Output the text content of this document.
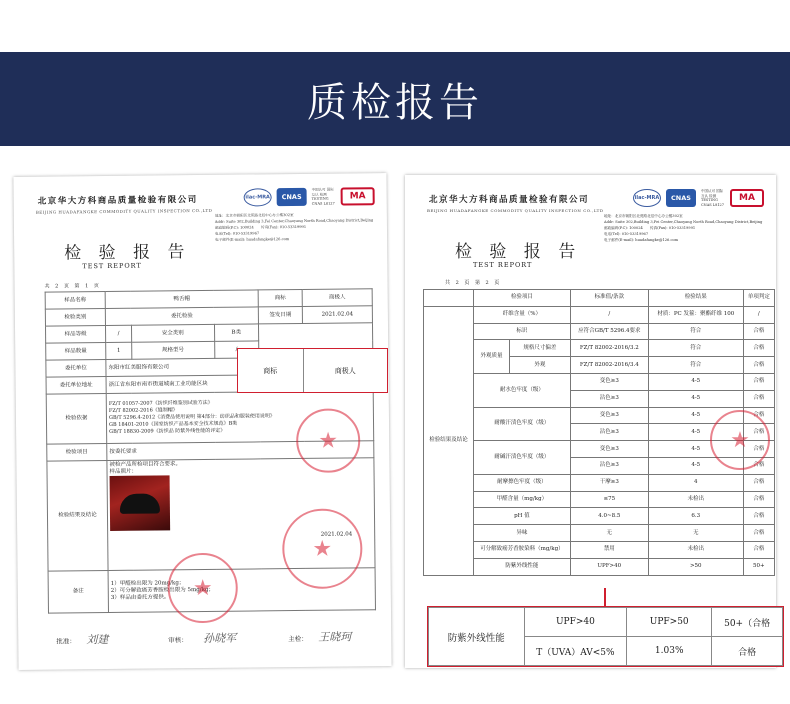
质检报告
北京华大方科商品质量检验有限公司
BEIJING HUADAFANGKE COMMODITY QUALITY INSPECTION CO.,LTD
ilac-MRA	CNAS
中国认可 国际互认 检测 TESTING CNAS L8127
MA
地址：北京市朝阳区北苑路北辰中心办公楼302室
Addr: Suite 302,Building 3,Fei Center,Chaoyang North Road,Chaoyang District,Beijing
邮政编码(P.C): 100024　　传真(Fax): 010-53319991
电话(Tel): 010-53319967
电子邮件(E-mail): huadafangke@126.com
检 验 报 告
TEST REPORT
共 2 页 第 1 页
样品名称	鸭舌帽			商标	商极人
检验类别	委托检验			签发日期	2021.02.04
样品等级	/	安全类别	B类		
样品数量	1	规格型号	
委托单位	东阳市红美服饰有限公司				
委托单位地址	浙江省东阳市南市街道城南工业功能区块				
检验依据	FZ/T 01057-2007《纺织纤维鉴别试验方法》
FZ/T 82002-2016《缝制帽》
GB/T 5296.4-2012《消费品使用说明 第4部分：纺织品和服装使用说明》
GB 18401-2010《国家纺织产品基本安全技术规范》B类
GB/T 18830-2009《纺织品 防紫外线性能的评定》				

检验项目	按委托要求				
检验结果及结论	被检产品所检项目符合要求。
样品照片：
2021.02.04				

备注	1）甲醛检出限为 20mg/kg；
2）可分解致癌芳香胺检出限为 5mg/kg；
3）样品由委托方提供。				
★
★
★
批准： 刘建	审核： 孙晓军	主检： 王晓珂
商标	商极人
北京华大方科商品质量检验有限公司
BEIJING HUADAFANGKE COMMODITY QUALITY INSPECTION CO.,LTD
ilac-MRA	CNAS
中国认可 国际互认 检测 TESTING CNAS L8127
MA
地址：北京市朝阳区北苑路北辰中心办公楼302室
Addr: Suite 302,Building 3,Fei Center,Chaoyang North Road,Chaoyang District,Beijing
邮政编码(P.C): 100024　　传真(Fax): 010-53319991
电话(Tel): 010-53319967
电子邮件(E-mail): huadafangke@126.com
检 验 报 告
TEST REPORT
共 2 页 第 2 页
	检验项目		标准值/条款	检验结果	单项判定
检验结果及结论	纤维含量（%）		/	材质：PC 发箍：聚酯纤维 100	/
	标识		应符合GB/T 5296.4要求	符合	合格
	外观质量	规格尺寸偏差	FZ/T 82002-2016/3.2	符合	合格
		外观	FZ/T 82002-2016/3.4	符合	合格
	耐水色牢度（级）		变色≥3	4-5	合格
			沾色≥3	4-5	合格
	耐酸汗渍色牢度（级）		变色≥3	4-5	合格
			沾色≥3	4-5	合格
	耐碱汗渍色牢度（级）		变色≥3	4-5	合格
			沾色≥3	4-5	合格
	耐摩擦色牢度（级）		干摩≥3	4	合格
	甲醛含量（mg/kg）		≤75	未检出	合格
	pH 值		4.0~8.5	6.3	合格
	异味		无	无	合格
	可分解致癌芳香胺染料（mg/kg）		禁用	未检出	合格
	防紫外线性能		UPF>40	>50	50+
★
防紫外线性能	UPF>40	UPF>50	50+（合格
	T（UVA）AV<5%	1.03%	合格
